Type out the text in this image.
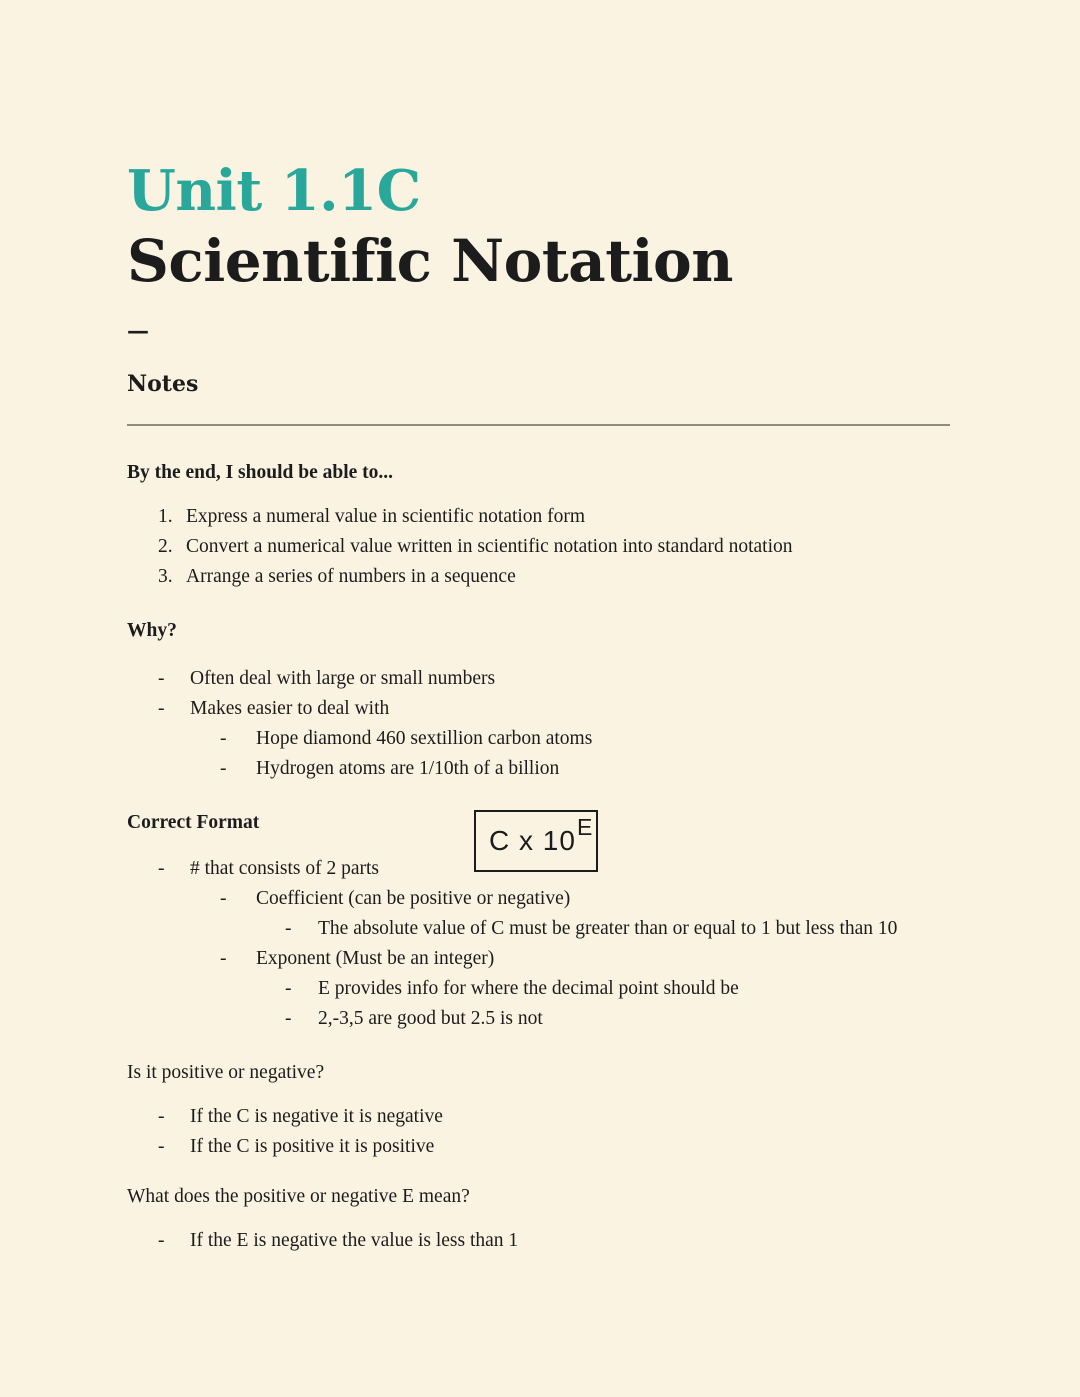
Unit 1.1C
Scientific Notation
—
Notes

By the end, I should be able to...

1. Express a numeral value in scientific notation form
2. Convert a numerical value written in scientific notation into standard notation
3. Arrange a series of numbers in a sequence

Why?

-	Often deal with large or small numbers
-	Makes easier to deal with
-	Hope diamond 460 sextillion carbon atoms
-	Hydrogen atoms are 1/10th of a billion

Correct Format

C x 10 E
-	# that consists of 2 parts
-	Coefficient (can be positive or negative)
-	The absolute value of C must be greater than or equal to 1 but less than 10
-	Exponent (Must be an integer)
-	E provides info for where the decimal point should be
-	2,-3,5 are good but 2.5 is not

Is it positive or negative?

-	If the C is negative it is negative
-	If the C is positive it is positive

What does the positive or negative E mean?

-	If the E is negative the value is less than 1
